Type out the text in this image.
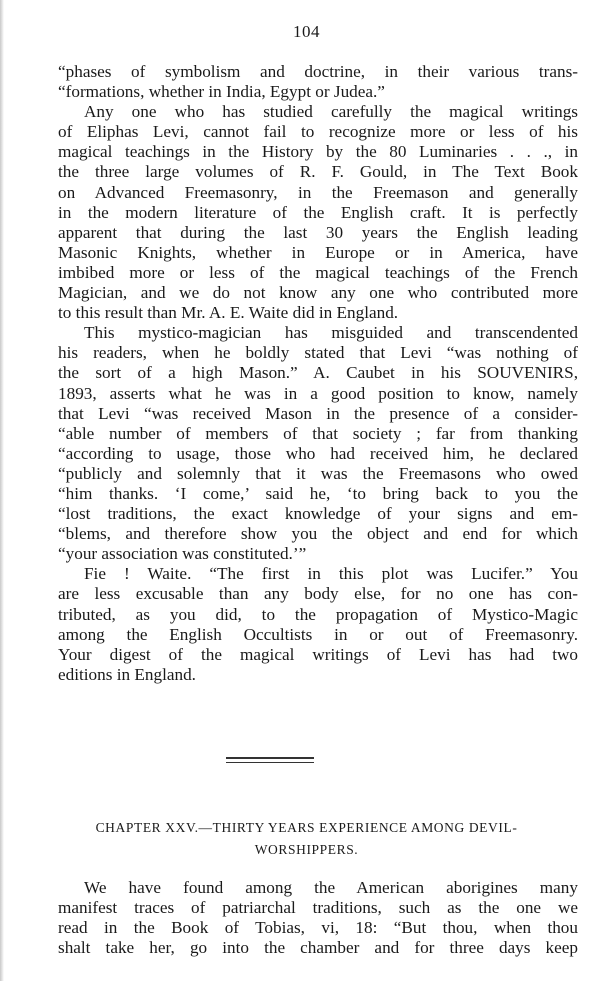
104
“phases of symbolism and doctrine, in their various trans-
“formations, whether in India, Egypt or Judea.”
Any one who has studied carefully the magical writings
of Eliphas Levi, cannot fail to recognize more or less of his
magical teachings in the History by the 80 Luminaries . . ., in
the three large volumes of R. F. Gould, in The Text Book
on Advanced Freemasonry, in the Freemason and generally
in the modern literature of the English craft. It is perfectly
apparent that during the last 30 years the English leading
Masonic Knights, whether in Europe or in America, have
imbibed more or less of the magical teachings of the French
Magician, and we do not know any one who contributed more
to this result than Mr. A. E. Waite did in England.
This mystico-magician has misguided and transcendented
his readers, when he boldly stated that Levi “was nothing of
the sort of a high Mason.” A. Caubet in his SOUVENIRS,
1893, asserts what he was in a good position to know, namely
that Levi “was received Mason in the presence of a consider-
“able number of members of that society ; far from thanking
“according to usage, those who had received him, he declared
“publicly and solemnly that it was the Freemasons who owed
“him thanks. ‘I come,’ said he, ‘to bring back to you the
“lost traditions, the exact knowledge of your signs and em-
“blems, and therefore show you the object and end for which
“your association was constituted.’”
Fie ! Waite. “The first in this plot was Lucifer.” You
are less excusable than any body else, for no one has con-
tributed, as you did, to the propagation of Mystico-Magic
among the English Occultists in or out of Freemasonry.
Your digest of the magical writings of Levi has had two
editions in England.
CHAPTER XXV.—THIRTY YEARS EXPERIENCE AMONG DEVIL-
WORSHIPPERS.
We have found among the American aborigines many
manifest traces of patriarchal traditions, such as the one we
read in the Book of Tobias, vi, 18: “But thou, when thou
shalt take her, go into the chamber and for three days keep
